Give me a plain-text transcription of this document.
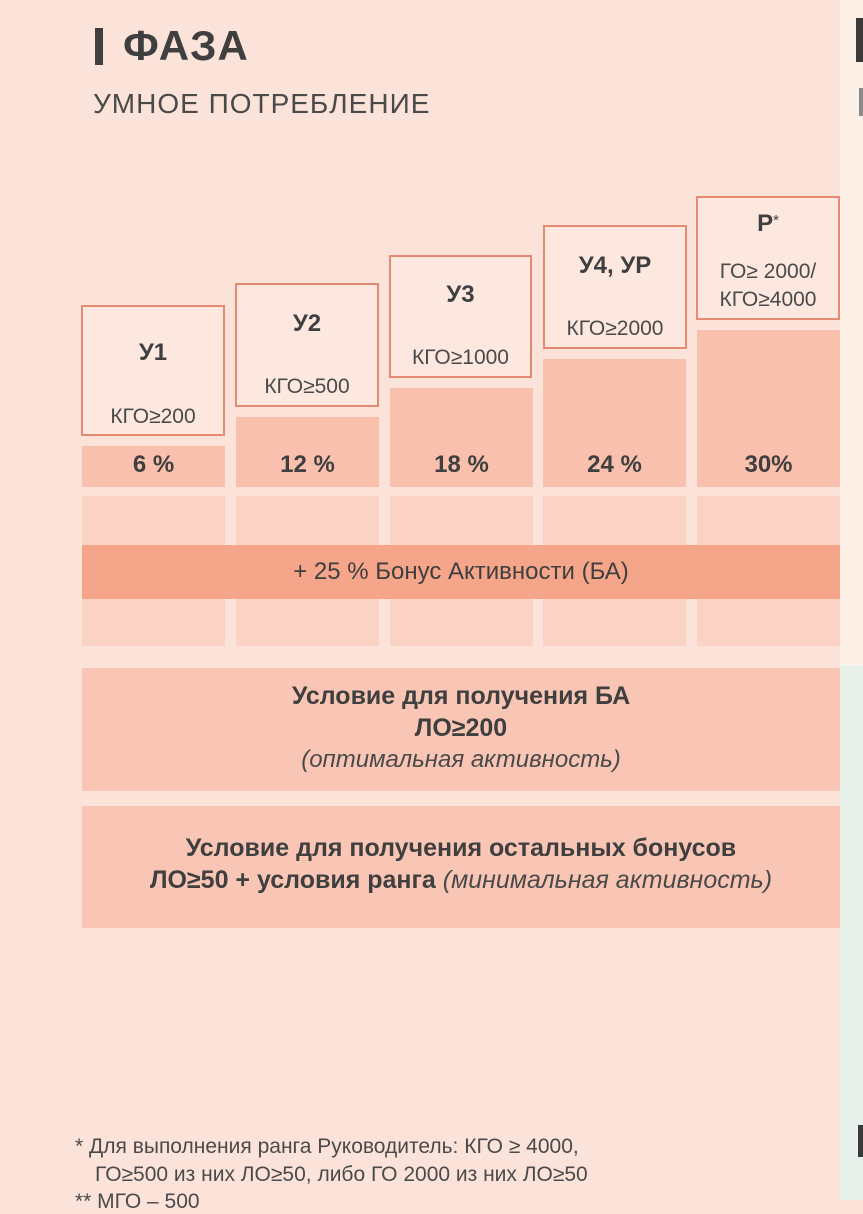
ФАЗА
УМНОЕ ПОТРЕБЛЕНИЕ
6 %	12 %	18 %	24 %	30%
У1
КГО≥200
У2
КГО≥500
У3
КГО≥1000
У4, УР
КГО≥2000
Р*
ГО≥ 2000/
КГО≥4000
+ 25 % Бонус Активности (БА)
Условие для получения БА
ЛО≥200
(оптимальная активность)
Условие для получения остальных бонусов
ЛО≥50 + условия ранга (минимальная активность)
* Для выполнения ранга Руководитель: КГО ≥ 4000,
ГО≥500 из них ЛО≥50, либо ГО 2000 из них ЛО≥50
** МГО – 500
